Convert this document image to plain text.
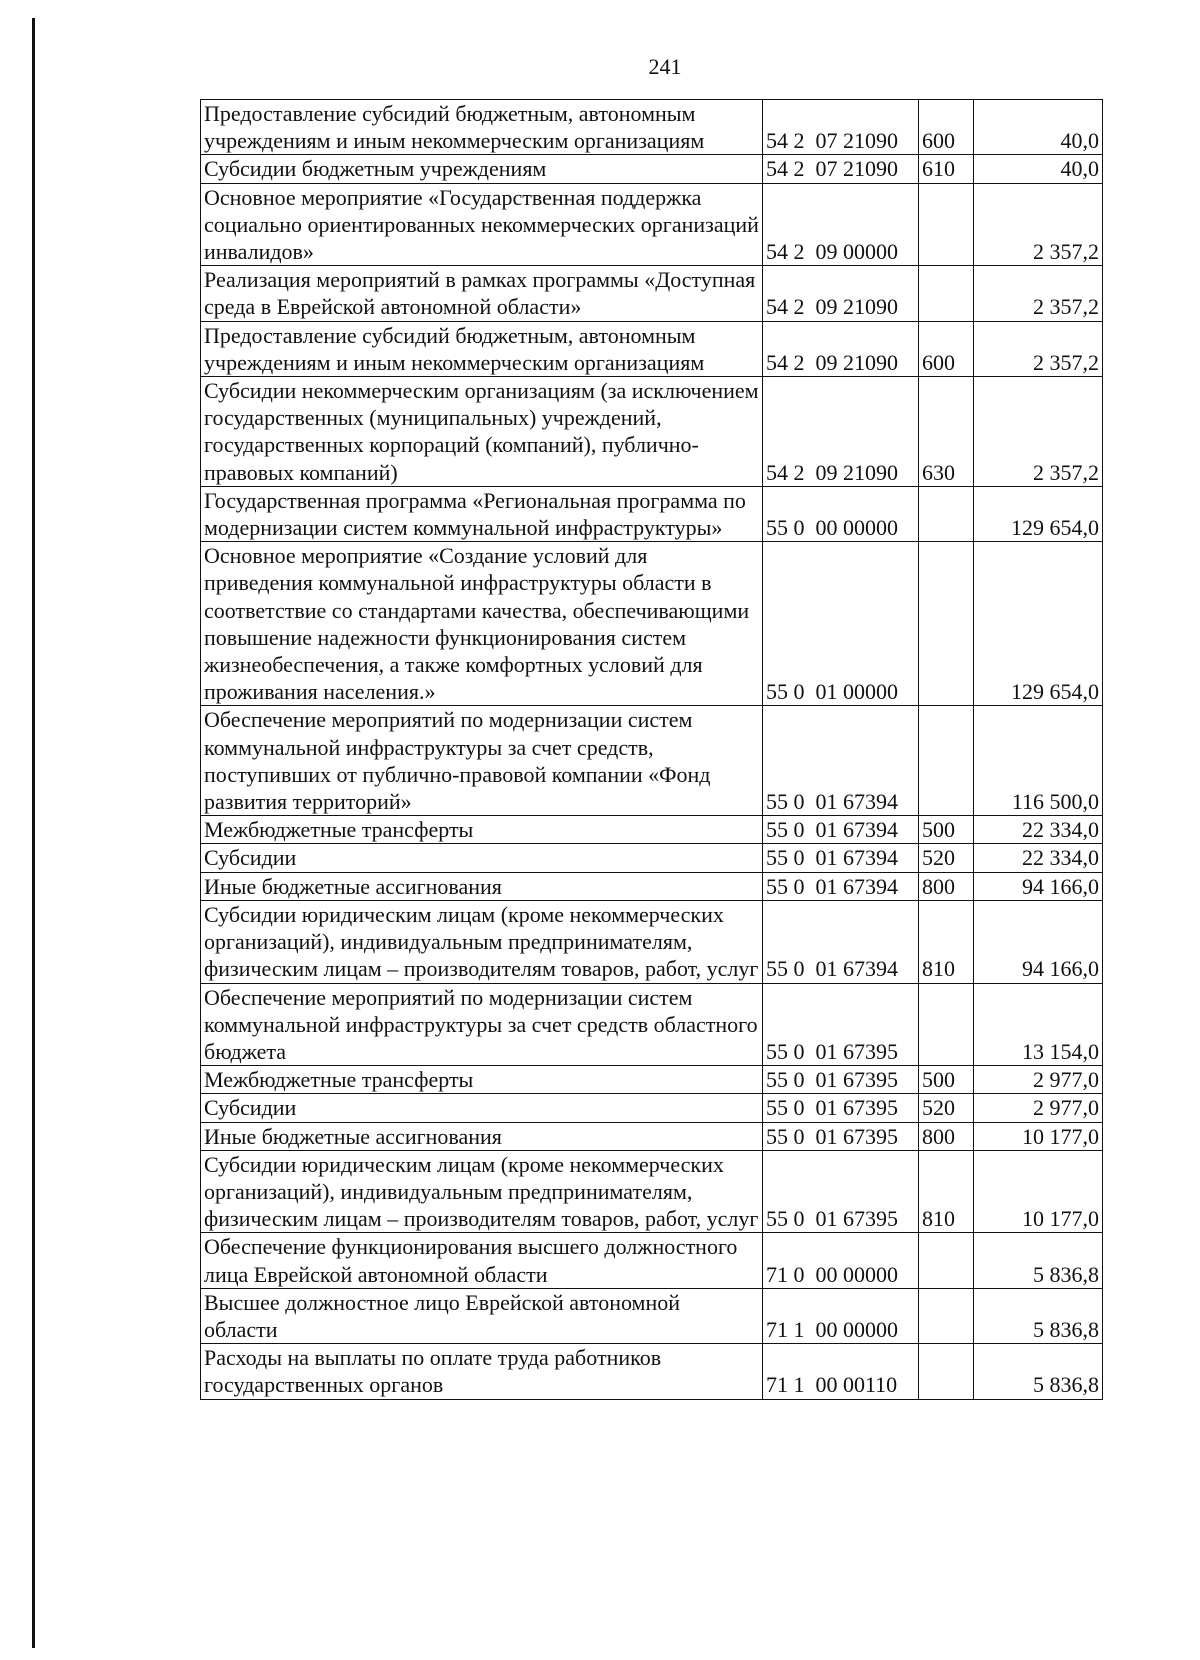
241
Предоставление субсидий бюджетным, автономным учреждениям и иным некоммерческим организациям	54 2  07 21090	600	40,0
Субсидии бюджетным учреждениям	54 2  07 21090	610	40,0
Основное мероприятие «Государственная поддержка социально ориентированных некоммерческих организаций инвалидов»	54 2  09 00000		2 357,2
Реализация мероприятий в рамках программы «Доступная среда в Еврейской автономной области»	54 2  09 21090		2 357,2
Предоставление субсидий бюджетным, автономным учреждениям и иным некоммерческим организациям	54 2  09 21090	600	2 357,2
Субсидии некоммерческим организациям (за исключением государственных (муниципальных) учреждений, государственных корпораций (компаний), публично-правовых компаний)	54 2  09 21090	630	2 357,2
Государственная программа «Региональная программа по модернизации систем коммунальной инфраструктуры»	55 0  00 00000		129 654,0
Основное мероприятие «Создание условий для приведения коммунальной инфраструктуры области в соответствие со стандартами качества, обеспечивающими повышение надежности функционирования систем жизнеобеспечения, а также комфортных условий для проживания населения.»	55 0  01 00000		129 654,0
Обеспечение мероприятий по модернизации систем коммунальной инфраструктуры за счет средств, поступивших от публично-правовой компании «Фонд развития территорий»	55 0  01 67394		116 500,0
Межбюджетные трансферты	55 0  01 67394	500	22 334,0
Субсидии	55 0  01 67394	520	22 334,0
Иные бюджетные ассигнования	55 0  01 67394	800	94 166,0
Субсидии юридическим лицам (кроме некоммерческих организаций), индивидуальным предпринимателям, физическим лицам – производителям товаров, работ, услуг	55 0  01 67394	810	94 166,0
Обеспечение мероприятий по модернизации систем коммунальной инфраструктуры за счет средств областного бюджета	55 0  01 67395		13 154,0
Межбюджетные трансферты	55 0  01 67395	500	2 977,0
Субсидии	55 0  01 67395	520	2 977,0
Иные бюджетные ассигнования	55 0  01 67395	800	10 177,0
Субсидии юридическим лицам (кроме некоммерческих организаций), индивидуальным предпринимателям, физическим лицам – производителям товаров, работ, услуг	55 0  01 67395	810	10 177,0
Обеспечение функционирования высшего должностного лица Еврейской автономной области	71 0  00 00000		5 836,8
Высшее должностное лицо Еврейской автономной области	71 1  00 00000		5 836,8
Расходы на выплаты по оплате труда работников государственных органов	71 1  00 00110		5 836,8
